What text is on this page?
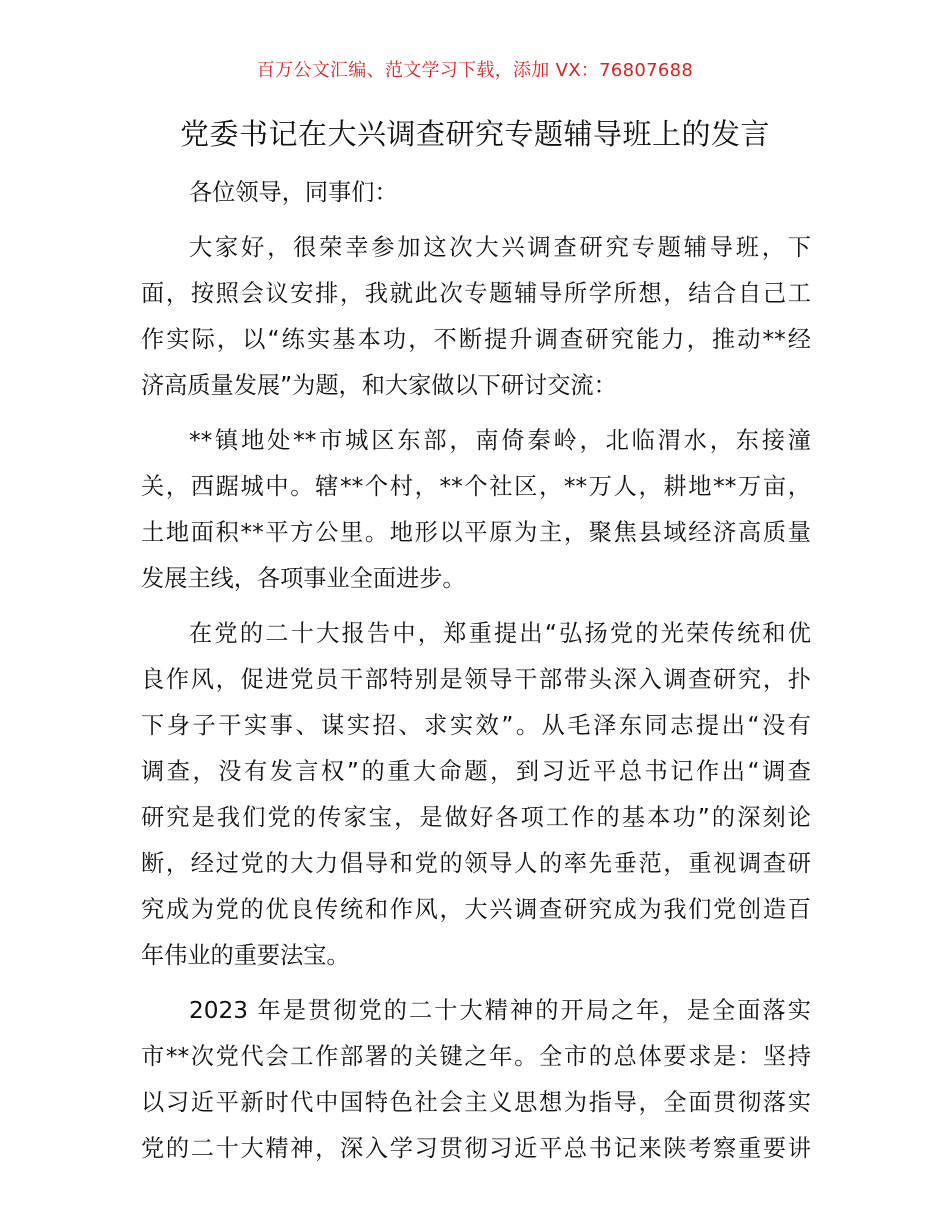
百万公文汇编、范文学习下载，添加 VX：76807688
党委书记在大兴调查研究专题辅导班上的发言
各位领导，同事们：
大家好，很荣幸参加这次大兴调查研究专题辅导班，下
面，按照会议安排，我就此次专题辅导所学所想，结合自己工
作实际，以“练实基本功，不断提升调查研究能力，推动**经
济高质量发展”为题，和大家做以下研讨交流：
**镇地处**市城区东部，南倚秦岭，北临渭水，东接潼
关，西踞城中。辖**个村，**个社区，**万人，耕地**万亩，
土地面积**平方公里。地形以平原为主，聚焦县域经济高质量
发展主线，各项事业全面进步。
在党的二十大报告中，郑重提出“弘扬党的光荣传统和优
良作风，促进党员干部特别是领导干部带头深入调查研究，扑
下身子干实事、谋实招、求实效”。从毛泽东同志提出“没有
调查，没有发言权”的重大命题，到习近平总书记作出“调查
研究是我们党的传家宝，是做好各项工作的基本功”的深刻论
断，经过党的大力倡导和党的领导人的率先垂范，重视调查研
究成为党的优良传统和作风，大兴调查研究成为我们党创造百
年伟业的重要法宝。
2023 年是贯彻党的二十大精神的开局之年，是全面落实
市**次党代会工作部署的关键之年。全市的总体要求是：坚持
以习近平新时代中国特色社会主义思想为指导，全面贯彻落实
党的二十大精神，深入学习贯彻习近平总书记来陕考察重要讲
